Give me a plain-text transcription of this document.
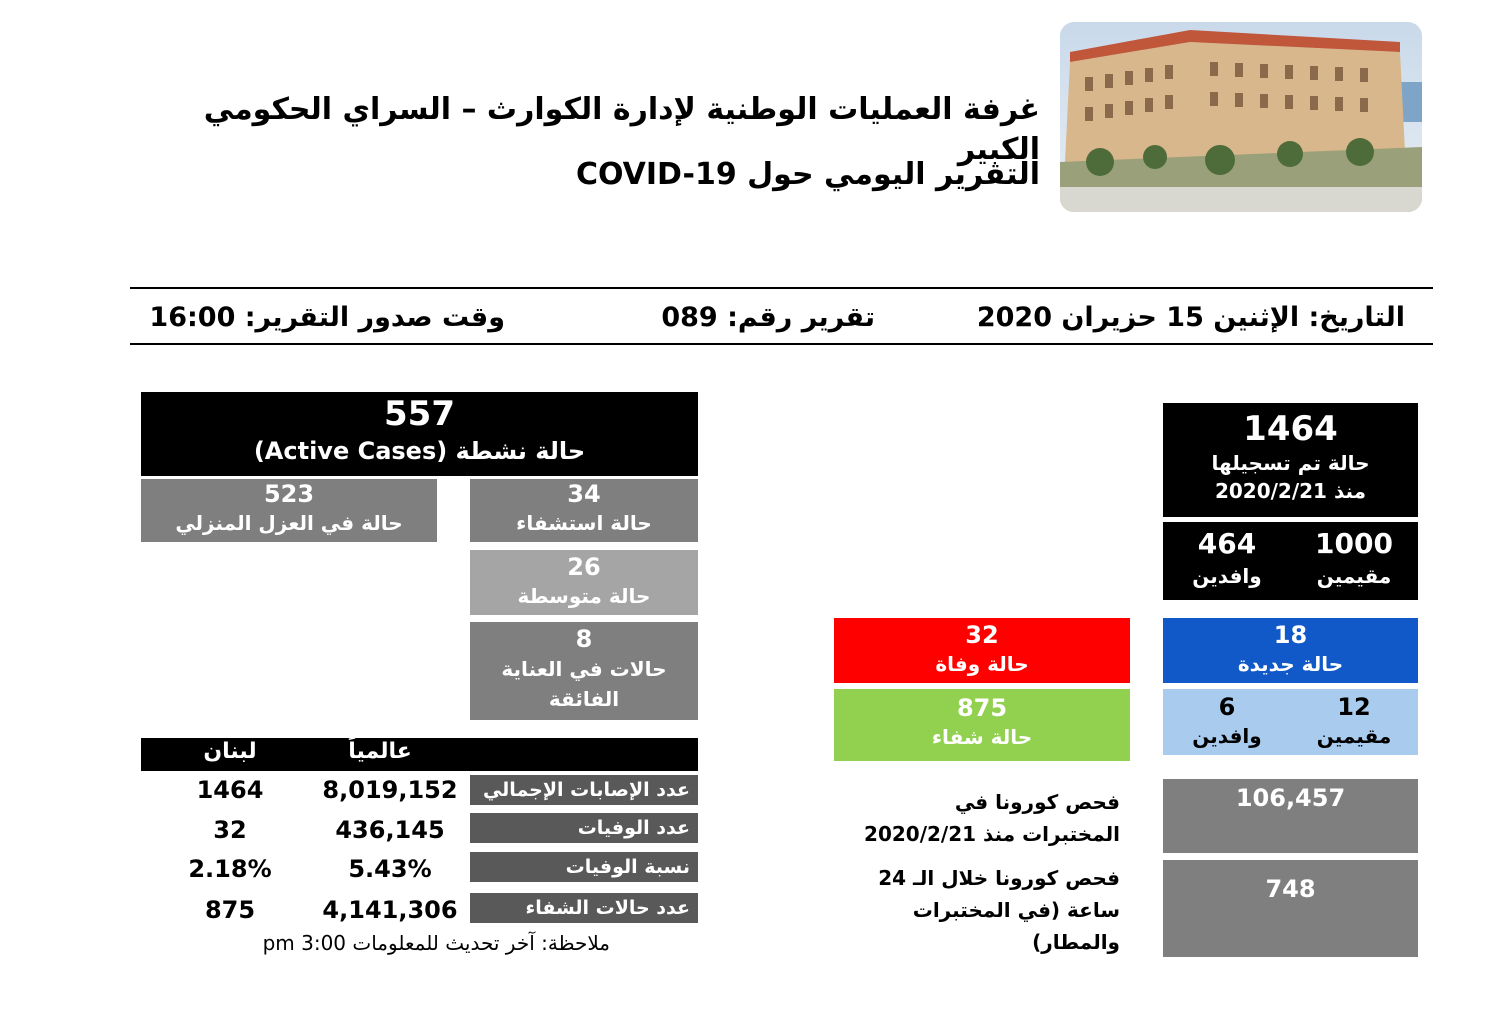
غرفة العمليات الوطنية لإدارة الكوارث – السراي الحكومي الكبير
التقرير اليومي حول COVID-19
التاريخ: الإثنين 15 حزيران 2020
تقرير رقم: 089
وقت صدور التقرير: 16:00
1464
حالة تم تسجيلها
منذ 2020/2/21
1000
مقيمين
464
وافدين
18
حالة جديدة
12
مقيمين
6
وافدين
32
حالة وفاة
875
حالة شفاء
فحص كورونا في المختبرات منذ 2020/2/21
106,457
فحص كورونا خلال الـ 24 ساعة (في المختبرات والمطار)
748
557
حالة نشطة (Active Cases)
523
حالة في العزل المنزلي
34
حالة استشفاء
26
حالة متوسطة
8
حالات في العناية الفائقة
عالمياً
لبنان
عدد الإصابات الإجمالي
8,019,152
1464
عدد الوفيات
436,145
32
نسبة الوفيات
5.43%
2.18%
عدد حالات الشفاء
4,141,306
875
ملاحظة: آخر تحديث للمعلومات 3:00 pm
